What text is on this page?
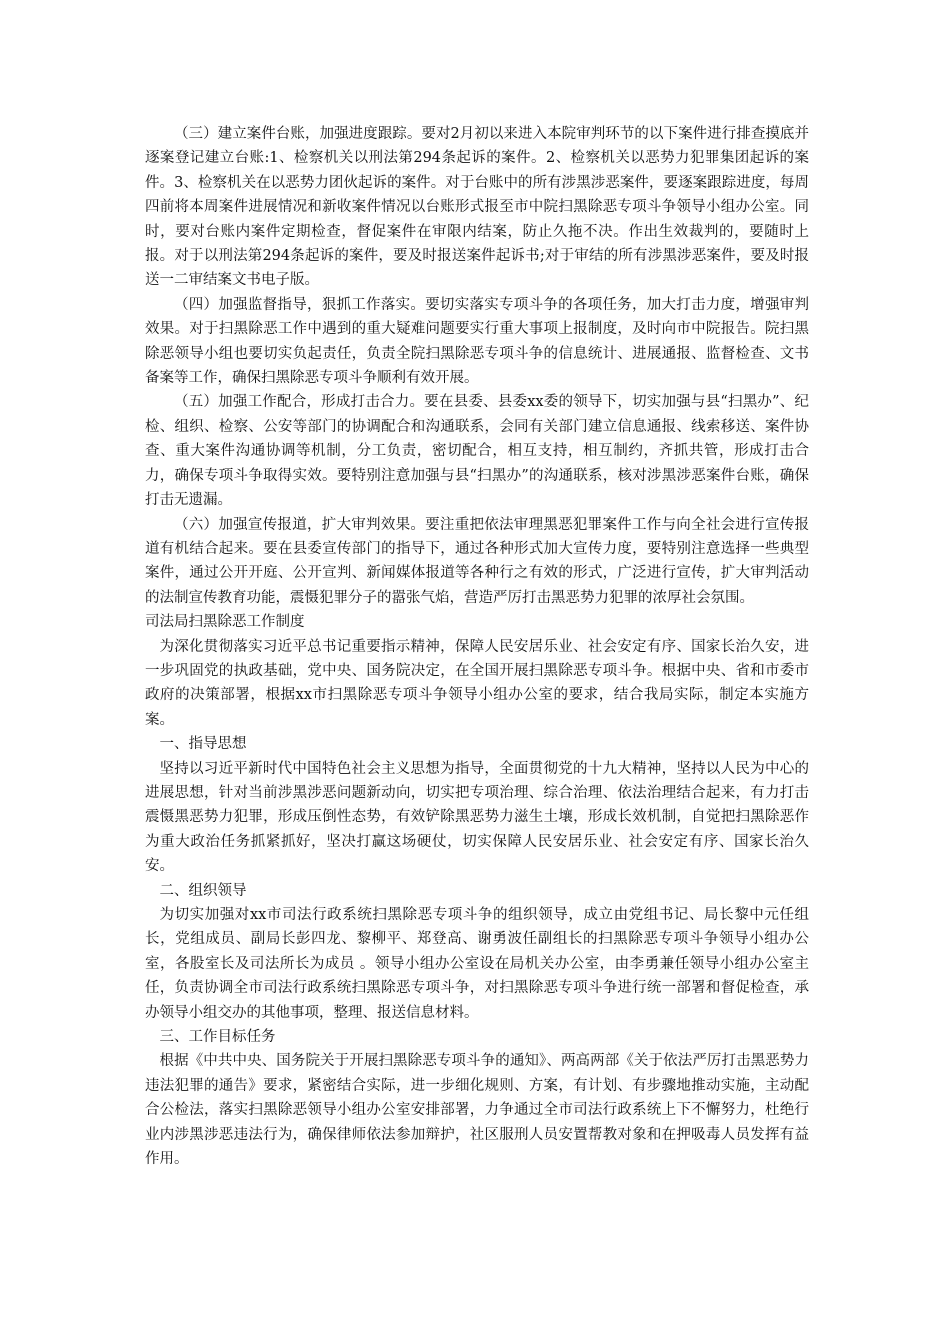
（三）建立案件台账，加强进度跟踪。要对2月初以来进入本院审判环节的以下案件进行排查摸底并逐案登记建立台账:1、检察机关以刑法第294条起诉的案件。2、检察机关以恶势力犯罪集团起诉的案件。3、检察机关在以恶势力团伙起诉的案件。对于台账中的所有涉黑涉恶案件，要逐案跟踪进度，每周四前将本周案件进展情况和新收案件情况以台账形式报至市中院扫黑除恶专项斗争领导小组办公室。同时，要对台账内案件定期检查，督促案件在审限内结案，防止久拖不决。作出生效裁判的，要随时上报。对于以刑法第294条起诉的案件，要及时报送案件起诉书;对于审结的所有涉黑涉恶案件，要及时报送一二审结案文书电子版。

（四）加强监督指导，狠抓工作落实。要切实落实专项斗争的各项任务，加大打击力度，增强审判效果。对于扫黑除恶工作中遇到的重大疑难问题要实行重大事项上报制度，及时向市中院报告。院扫黑除恶领导小组也要切实负起责任，负责全院扫黑除恶专项斗争的信息统计、进展通报、监督检查、文书备案等工作，确保扫黑除恶专项斗争顺利有效开展。

（五）加强工作配合，形成打击合力。要在县委、县委xx委的领导下，切实加强与县“扫黑办”、纪检、组织、检察、公安等部门的协调配合和沟通联系，会同有关部门建立信息通报、线索移送、案件协查、重大案件沟通协调等机制，分工负责，密切配合，相互支持，相互制约，齐抓共管，形成打击合力，确保专项斗争取得实效。要特别注意加强与县“扫黑办”的沟通联系，核对涉黑涉恶案件台账，确保打击无遗漏。

（六）加强宣传报道，扩大审判效果。要注重把依法审理黑恶犯罪案件工作与向全社会进行宣传报道有机结合起来。要在县委宣传部门的指导下，通过各种形式加大宣传力度，要特别注意选择一些典型案件，通过公开开庭、公开宣判、新闻媒体报道等各种行之有效的形式，广泛进行宣传，扩大审判活动的法制宣传教育功能，震慑犯罪分子的嚣张气焰，营造严厉打击黑恶势力犯罪的浓厚社会氛围。

司法局扫黑除恶工作制度

为深化贯彻落实习近平总书记重要指示精神，保障人民安居乐业、社会安定有序、国家长治久安，进一步巩固党的执政基础，党中央、国务院决定，在全国开展扫黑除恶专项斗争。根据中央、省和市委市政府的决策部署，根据xx市扫黑除恶专项斗争领导小组办公室的要求，结合我局实际，制定本实施方案。

一、指导思想

坚持以习近平新时代中国特色社会主义思想为指导，全面贯彻党的十九大精神，坚持以人民为中心的进展思想，针对当前涉黑涉恶问题新动向，切实把专项治理、综合治理、依法治理结合起来，有力打击震慑黑恶势力犯罪，形成压倒性态势，有效铲除黑恶势力滋生土壤，形成长效机制，自觉把扫黑除恶作为重大政治任务抓紧抓好，坚决打赢这场硬仗，切实保障人民安居乐业、社会安定有序、国家长治久安。

二、组织领导

为切实加强对xx市司法行政系统扫黑除恶专项斗争的组织领导，成立由党组书记、局长黎中元任组长，党组成员、副局长彭四龙、黎柳平、郑登高、谢勇波任副组长的扫黑除恶专项斗争领导小组办公室，各股室长及司法所长为成员 。领导小组办公室设在局机关办公室，由李勇兼任领导小组办公室主任，负责协调全市司法行政系统扫黑除恶专项斗争，对扫黑除恶专项斗争进行统一部署和督促检查，承办领导小组交办的其他事项，整理、报送信息材料。

三、工作目标任务

根据《中共中央、国务院关于开展扫黑除恶专项斗争的通知》、两高两部《关于依法严厉打击黑恶势力违法犯罪的通告》要求，紧密结合实际，进一步细化规则、方案，有计划、有步骤地推动实施，主动配合公检法，落实扫黑除恶领导小组办公室安排部署，力争通过全市司法行政系统上下不懈努力，杜绝行业内涉黑涉恶违法行为，确保律师依法参加辩护，社区服刑人员安置帮教对象和在押吸毒人员发挥有益作用。
